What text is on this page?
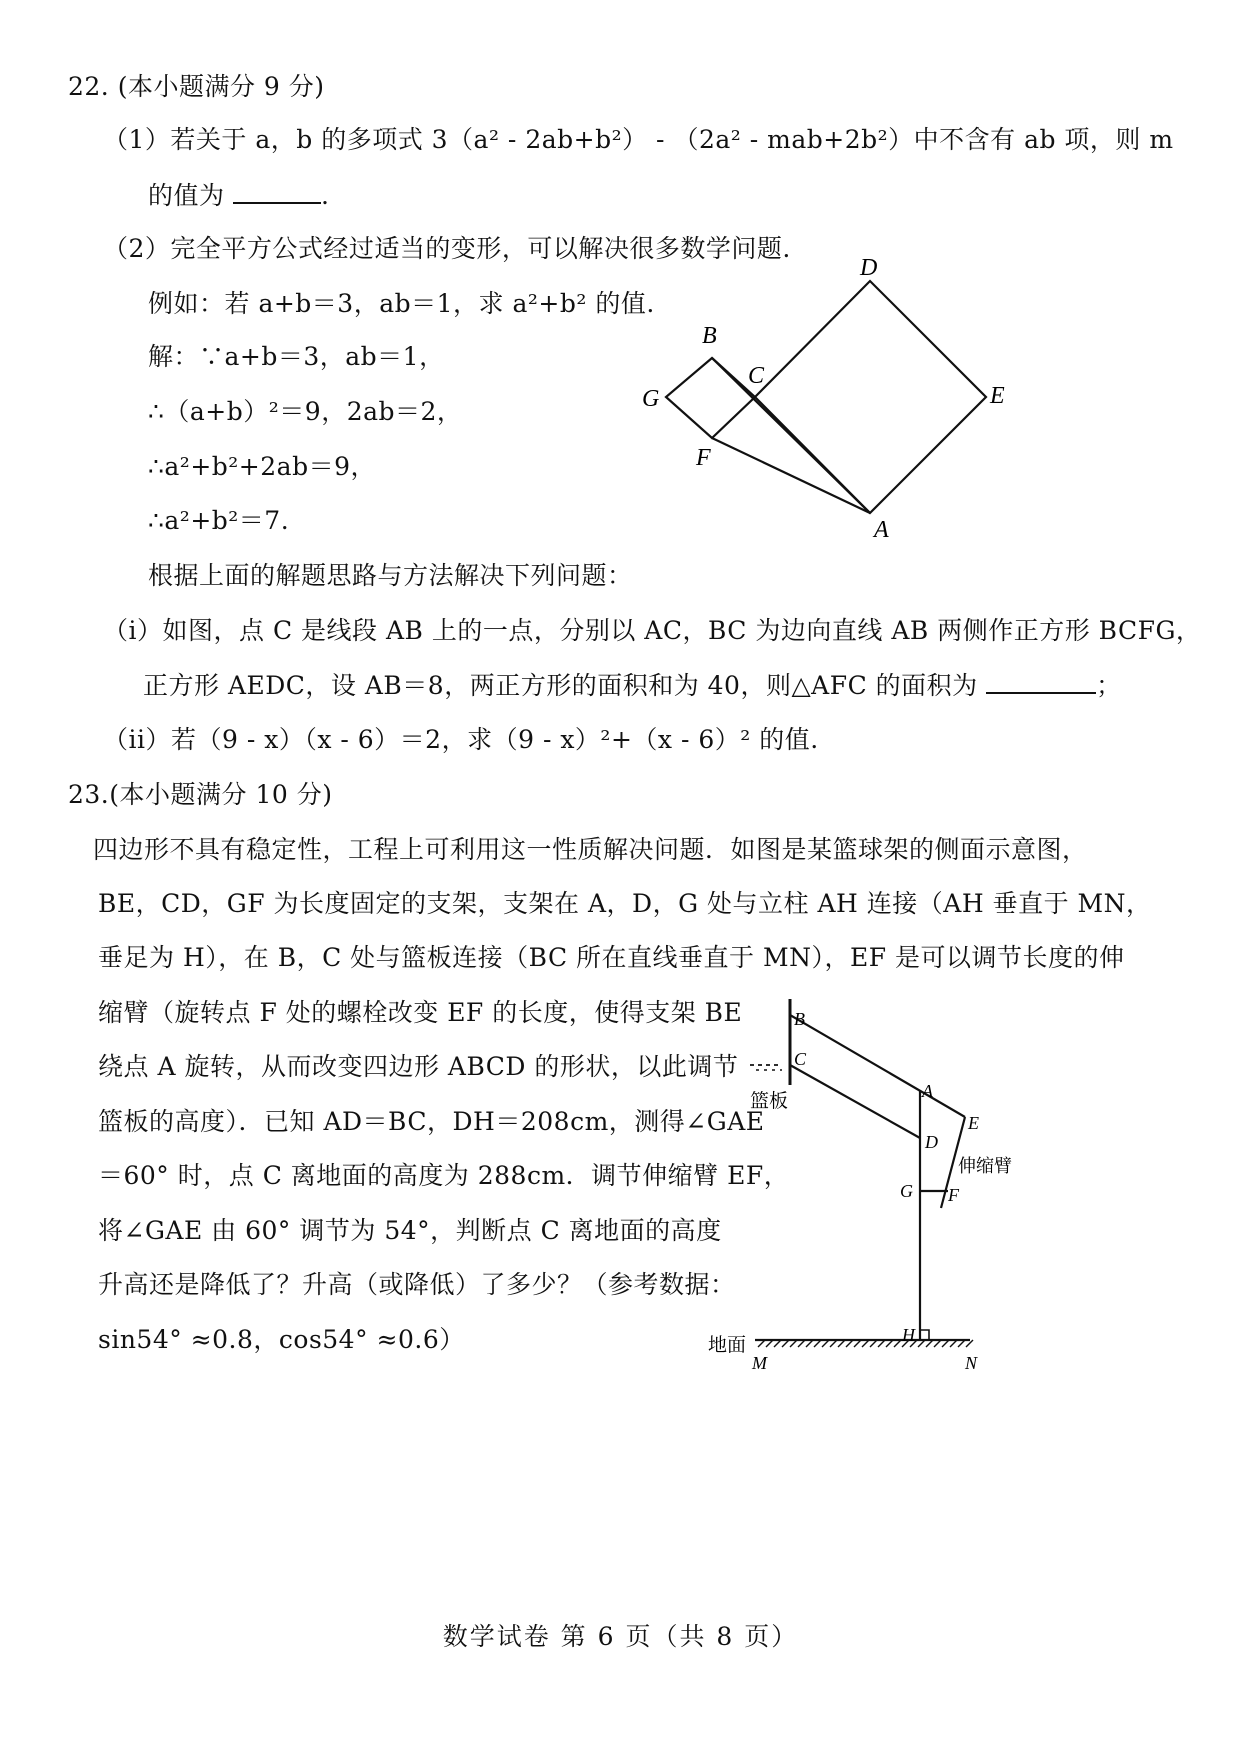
22. (本小题满分 9 分)
（1）若关于 a，b 的多项式 3（a² - 2ab+b²） - （2a² - mab+2b²）中不含有 ab 项，则 m
的值为	.
（2）完全平方公式经过适当的变形，可以解决很多数学问题.
例如：若 a+b＝3，ab＝1，求 a²+b² 的值.
解：∵a+b＝3，ab＝1，
∴（a+b）²＝9，2ab＝2，
∴a²+b²+2ab＝9，
∴a²+b²＝7.
根据上面的解题思路与方法解决下列问题：
（i）如图，点 C 是线段 AB 上的一点，分别以 AC，BC 为边向直线 AB 两侧作正方形 BCFG，
正方形 AEDC，设 AB＝8，两正方形的面积和为 40，则△AFC 的面积为	；
（ii）若（9 - x）（x - 6）＝2，求（9 - x）²+（x - 6）² 的值.
D
B
C
G	E
F
A
23.(本小题满分 10 分)
四边形不具有稳定性，工程上可利用这一性质解决问题．如图是某篮球架的侧面示意图，
BE，CD，GF 为长度固定的支架，支架在 A，D，G 处与立柱 AH 连接（AH 垂直于 MN，
垂足为 H），在 B，C 处与篮板连接（BC 所在直线垂直于 MN），EF 是可以调节长度的伸
缩臂（旋转点 F 处的螺栓改变 EF 的长度，使得支架 BE
绕点 A 旋转，从而改变四边形 ABCD 的形状，以此调节
篮板的高度）．已知 AD＝BC，DH＝208cm，测得∠GAE
＝60° 时，点 C 离地面的高度为 288cm．调节伸缩臂 EF，
将∠GAE 由 60° 调节为 54°，判断点 C 离地面的高度
升高还是降低了？升高（或降低）了多少？（参考数据：
sin54° ≈0.8，cos54° ≈0.6）
B
C
A
D
E
G F
H
M	N
篮板
伸缩臂
地面
数学试卷 第 6 页（共 8 页）
